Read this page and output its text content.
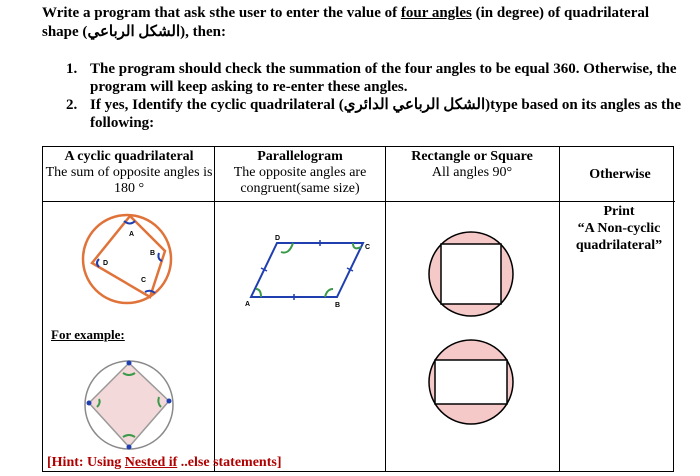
Write a program that ask sthe user to enter the value of four angles (in degree) of quadrilateral shape (الشكل الرباعي), then:
1. The program should check the summation of the four angles to be equal 360. Otherwise, the program will keep asking to re-enter these angles.
2. If yes, Identify the cyclic quadrilateral (الشكل الرباعي الدائري)type based on its angles as the following:
A cyclic quadrilateral
The sum of opposite angles is 180 °
Parallelogram
The opposite angles are congruent(same size)
Rectangle or Square
All angles 90°	Otherwise
Print
“A Non-cyclic quadrilateral”
A
B
C
D
D
C
B
A
For example:
[Hint: Using Nested if ..else statements]
